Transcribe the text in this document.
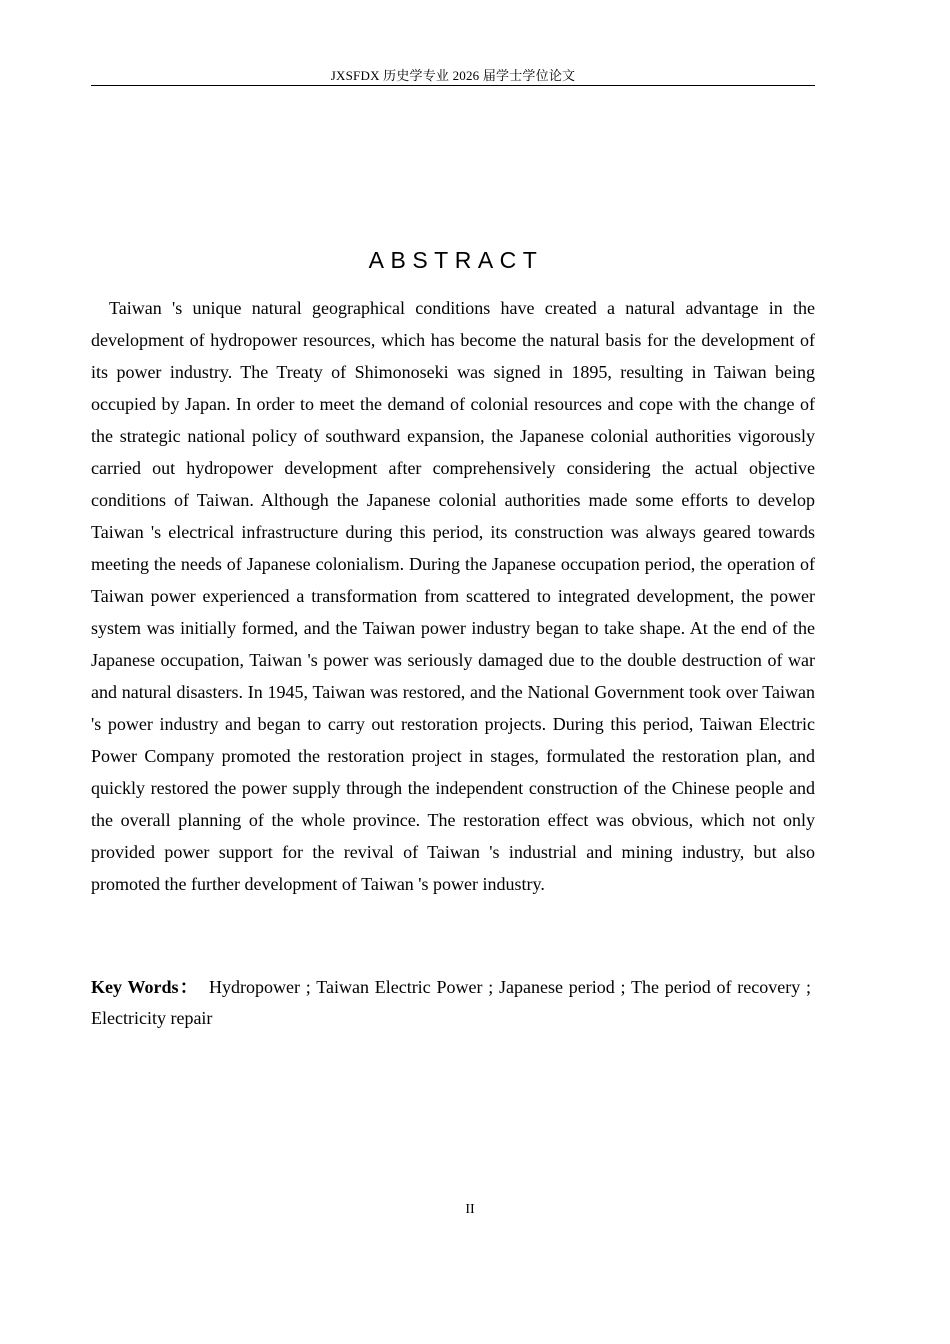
JXSFDX 历史学专业 2026 届学士学位论文
ABSTRACT

Taiwan 's unique natural geographical conditions have created a natural advantage in the development of hydropower resources, which has become the natural basis for the development of its power industry. The Treaty of Shimonoseki was signed in 1895, resulting in Taiwan being occupied by Japan. In order to meet the demand of colonial resources and cope with the change of the strategic national policy of southward expansion, the Japanese colonial authorities vigorously carried out hydropower development after comprehensively considering the actual objective conditions of Taiwan. Although the Japanese colonial authorities made some efforts to develop Taiwan 's electrical infrastructure during this period, its construction was always geared towards meeting the needs of Japanese colonialism. During the Japanese occupation period, the operation of Taiwan power experienced a transformation from scattered to integrated development, the power system was initially formed, and the Taiwan power industry began to take shape. At the end of the Japanese occupation, Taiwan 's power was seriously damaged due to the double destruction of war and natural disasters. In 1945, Taiwan was restored, and the National Government took over Taiwan 's power industry and began to carry out restoration projects. During this period, Taiwan Electric Power Company promoted the restoration project in stages, formulated the restoration plan, and quickly restored the power supply through the independent construction of the Chinese people and the overall planning of the whole province. The restoration effect was obvious, which not only provided power support for the revival of Taiwan 's industrial and mining industry, but also promoted the further development of Taiwan 's power industry.

Key Words： Hydropower ; Taiwan Electric Power ; Japanese period ; The period of recovery ; Electricity repair

II
